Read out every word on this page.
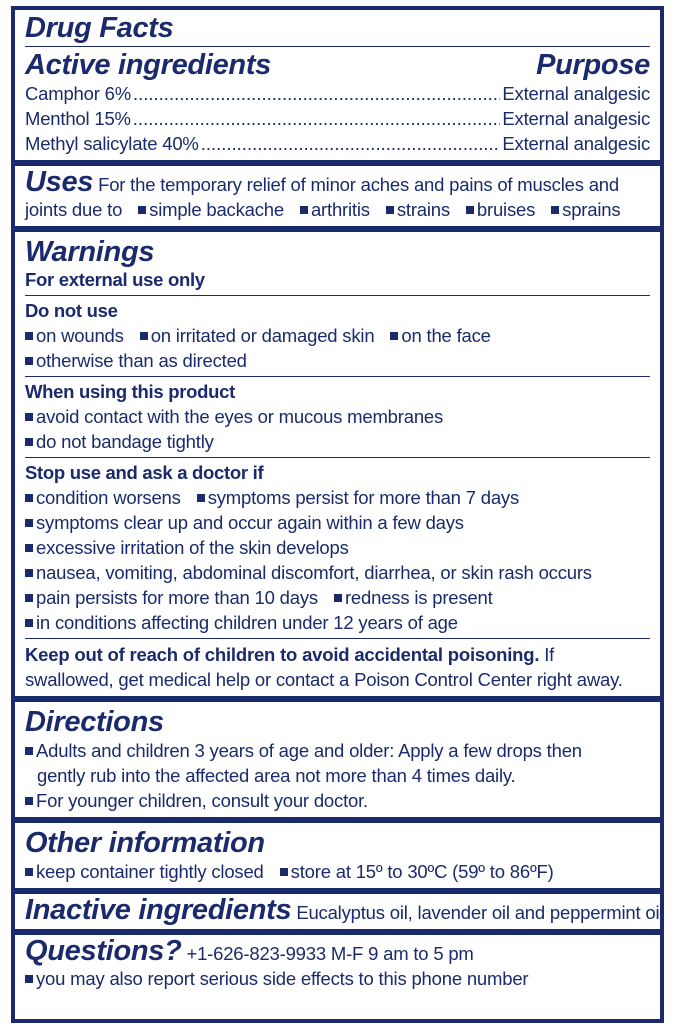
Drug Facts
Active ingredients	Purpose
Camphor 6% .....	External analgesic
Menthol 15% .....	External analgesic
Methyl salicylate 40% .....	External analgesic
Uses For the temporary relief of minor aches and pains of muscles and
joints due to simple backache arthritis strains bruises sprains
Warnings
For external use only
Do not use
on wounds on irritated or damaged skin on the face
otherwise than as directed
When using this product
avoid contact with the eyes or mucous membranes
do not bandage tightly
Stop use and ask a doctor if
condition worsens symptoms persist for more than 7 days
symptoms clear up and occur again within a few days
excessive irritation of the skin develops
nausea, vomiting, abdominal discomfort, diarrhea, or skin rash occurs
pain persists for more than 10 days redness is present
in conditions affecting children under 12 years of age
Keep out of reach of children to avoid accidental poisoning. If
swallowed, get medical help or contact a Poison Control Center right away.
Directions
Adults and children 3 years of age and older: Apply a few drops then
gently rub into the affected area not more than 4 times daily.
For younger children, consult your doctor.
Other information
keep container tightly closed store at 15º to 30ºC (59º to 86ºF)
Inactive ingredients Eucalyptus oil, lavender oil and peppermint oil
Questions? +1-626-823-9933 M-F 9 am to 5 pm
you may also report serious side effects to this phone number
